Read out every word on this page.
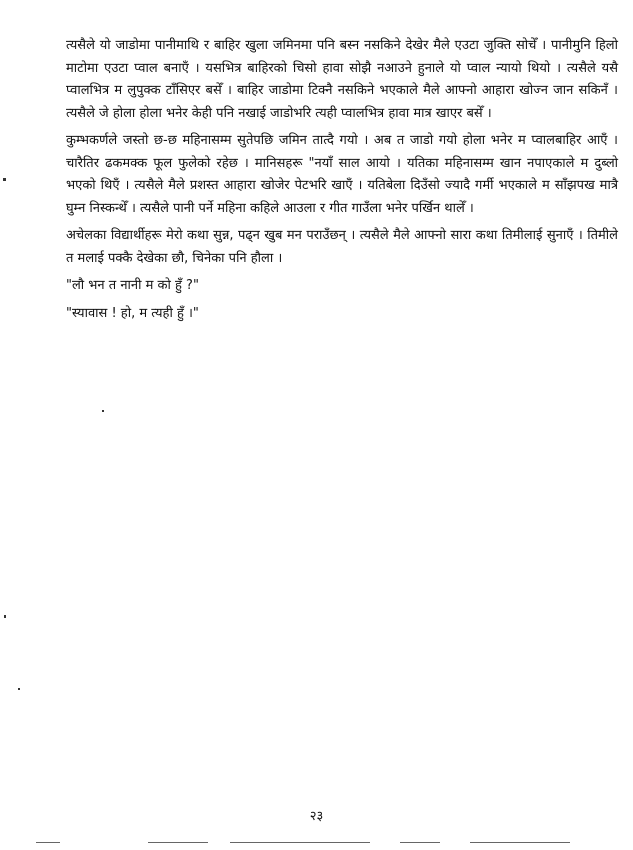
त्यसैले यो जाडोमा पानीमाथि र बाहिर खुला जमिनमा पनि बस्न नसकिने देखेर मैले एउटा जुक्ति सोचेँ । पानीमुनि हिलो माटोमा एउटा प्वाल बनाएँ । यसभित्र बाहिरको चिसो हावा सोझै नआउने हुनाले यो प्वाल न्यायो थियो । त्यसैले यसै प्वालभित्र म लुपुक्क टाँसिएर बसेँ । बाहिर जाडोमा टिक्नै नसकिने भएकाले मैले आफ्नो आहारा खोज्न जान सकिनँ । त्यसैले जे होला होला भनेर केही पनि नखाई जाडोभरि त्यही प्वालभित्र हावा मात्र खाएर बसेँ ।

कुम्भकर्णले जस्तो छ-छ महिनासम्म सुतेपछि जमिन तात्दै गयो । अब त जाडो गयो होला भनेर म प्वालबाहिर आएँ । चारैतिर ढकमक्क फूल फुलेको रहेछ । मानिसहरू "नयाँ साल आयो । यतिका महिनासम्म खान नपाएकाले म दुब्लो भएको थिएँ । त्यसैले मैले प्रशस्त आहारा खोजेर पेटभरि खाएँ । यतिबेला दिउँसो ज्यादै गर्मी भएकाले म साँझपख मात्रै घुम्न निस्कन्थेँ । त्यसैले पानी पर्ने महिना कहिले आउला र गीत गाउँला भनेर पर्खिन थालेँ ।

अचेलका विद्यार्थीहरू मेरो कथा सुन्न, पढ्न खुब मन पराउँछन् । त्यसैले मैले आफ्नो सारा कथा तिमीलाई सुनाएँ । तिमीले त मलाई पक्कै देखेका छौ, चिनेका पनि हौला ।

"लौ भन त नानी म को हुँ ?"

"स्यावास ! हो, म त्यही हुँ ।"

२३
